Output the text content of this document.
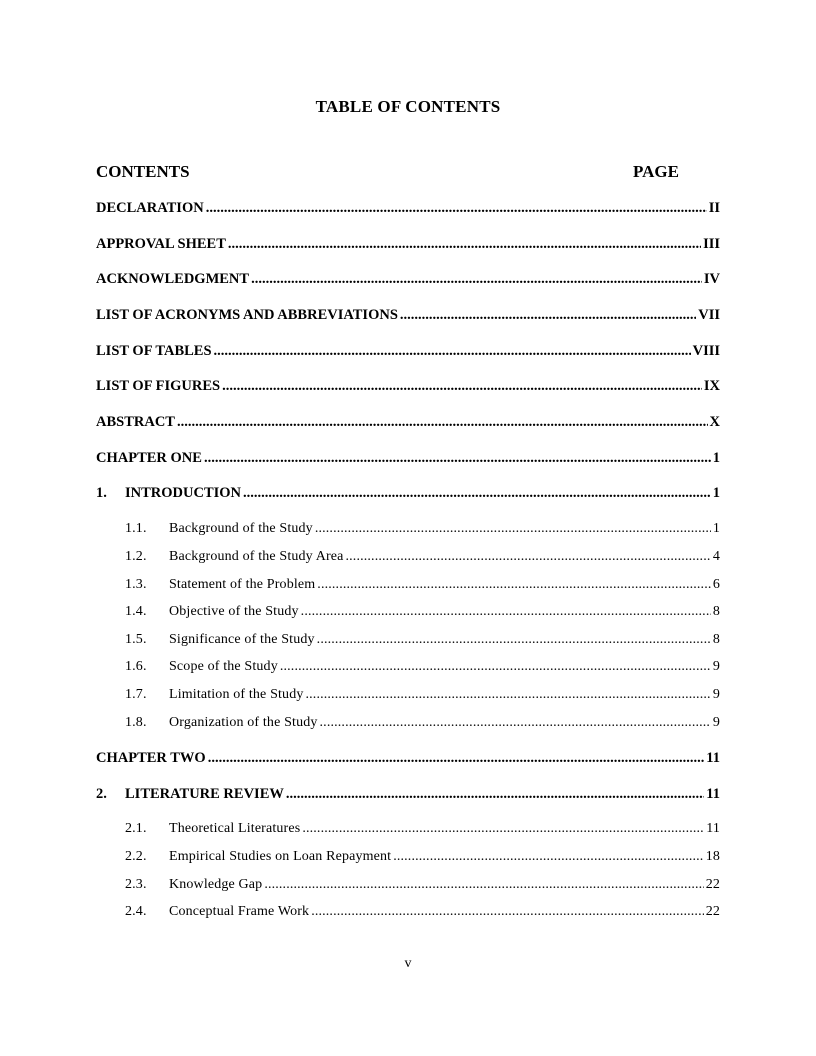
TABLE OF CONTENTS
CONTENTS	PAGE
DECLARATION .....	II
APPROVAL SHEET .....	III
ACKNOWLEDGMENT .....	IV
LIST OF ACRONYMS AND ABBREVIATIONS .....	VII
LIST OF TABLES .....	VIII
LIST OF FIGURES .....	IX
ABSTRACT .....	X
CHAPTER ONE .....	1
1.	INTRODUCTION .....	1
1.1.	Background of the Study .....	1
1.2.	Background of the Study Area .....	4
1.3.	Statement of the Problem .....	6
1.4.	Objective of the Study .....	8
1.5.	Significance of the Study .....	8
1.6.	Scope of the Study .....	9
1.7.	Limitation of the Study .....	9
1.8.	Organization of the Study .....	9
CHAPTER TWO .....	11
2.	LITERATURE REVIEW .....	11
2.1.	Theoretical Literatures .....	11
2.2.	Empirical Studies on Loan Repayment .....	18
2.3.	Knowledge Gap .....	22
2.4.	Conceptual Frame Work .....	22
v
